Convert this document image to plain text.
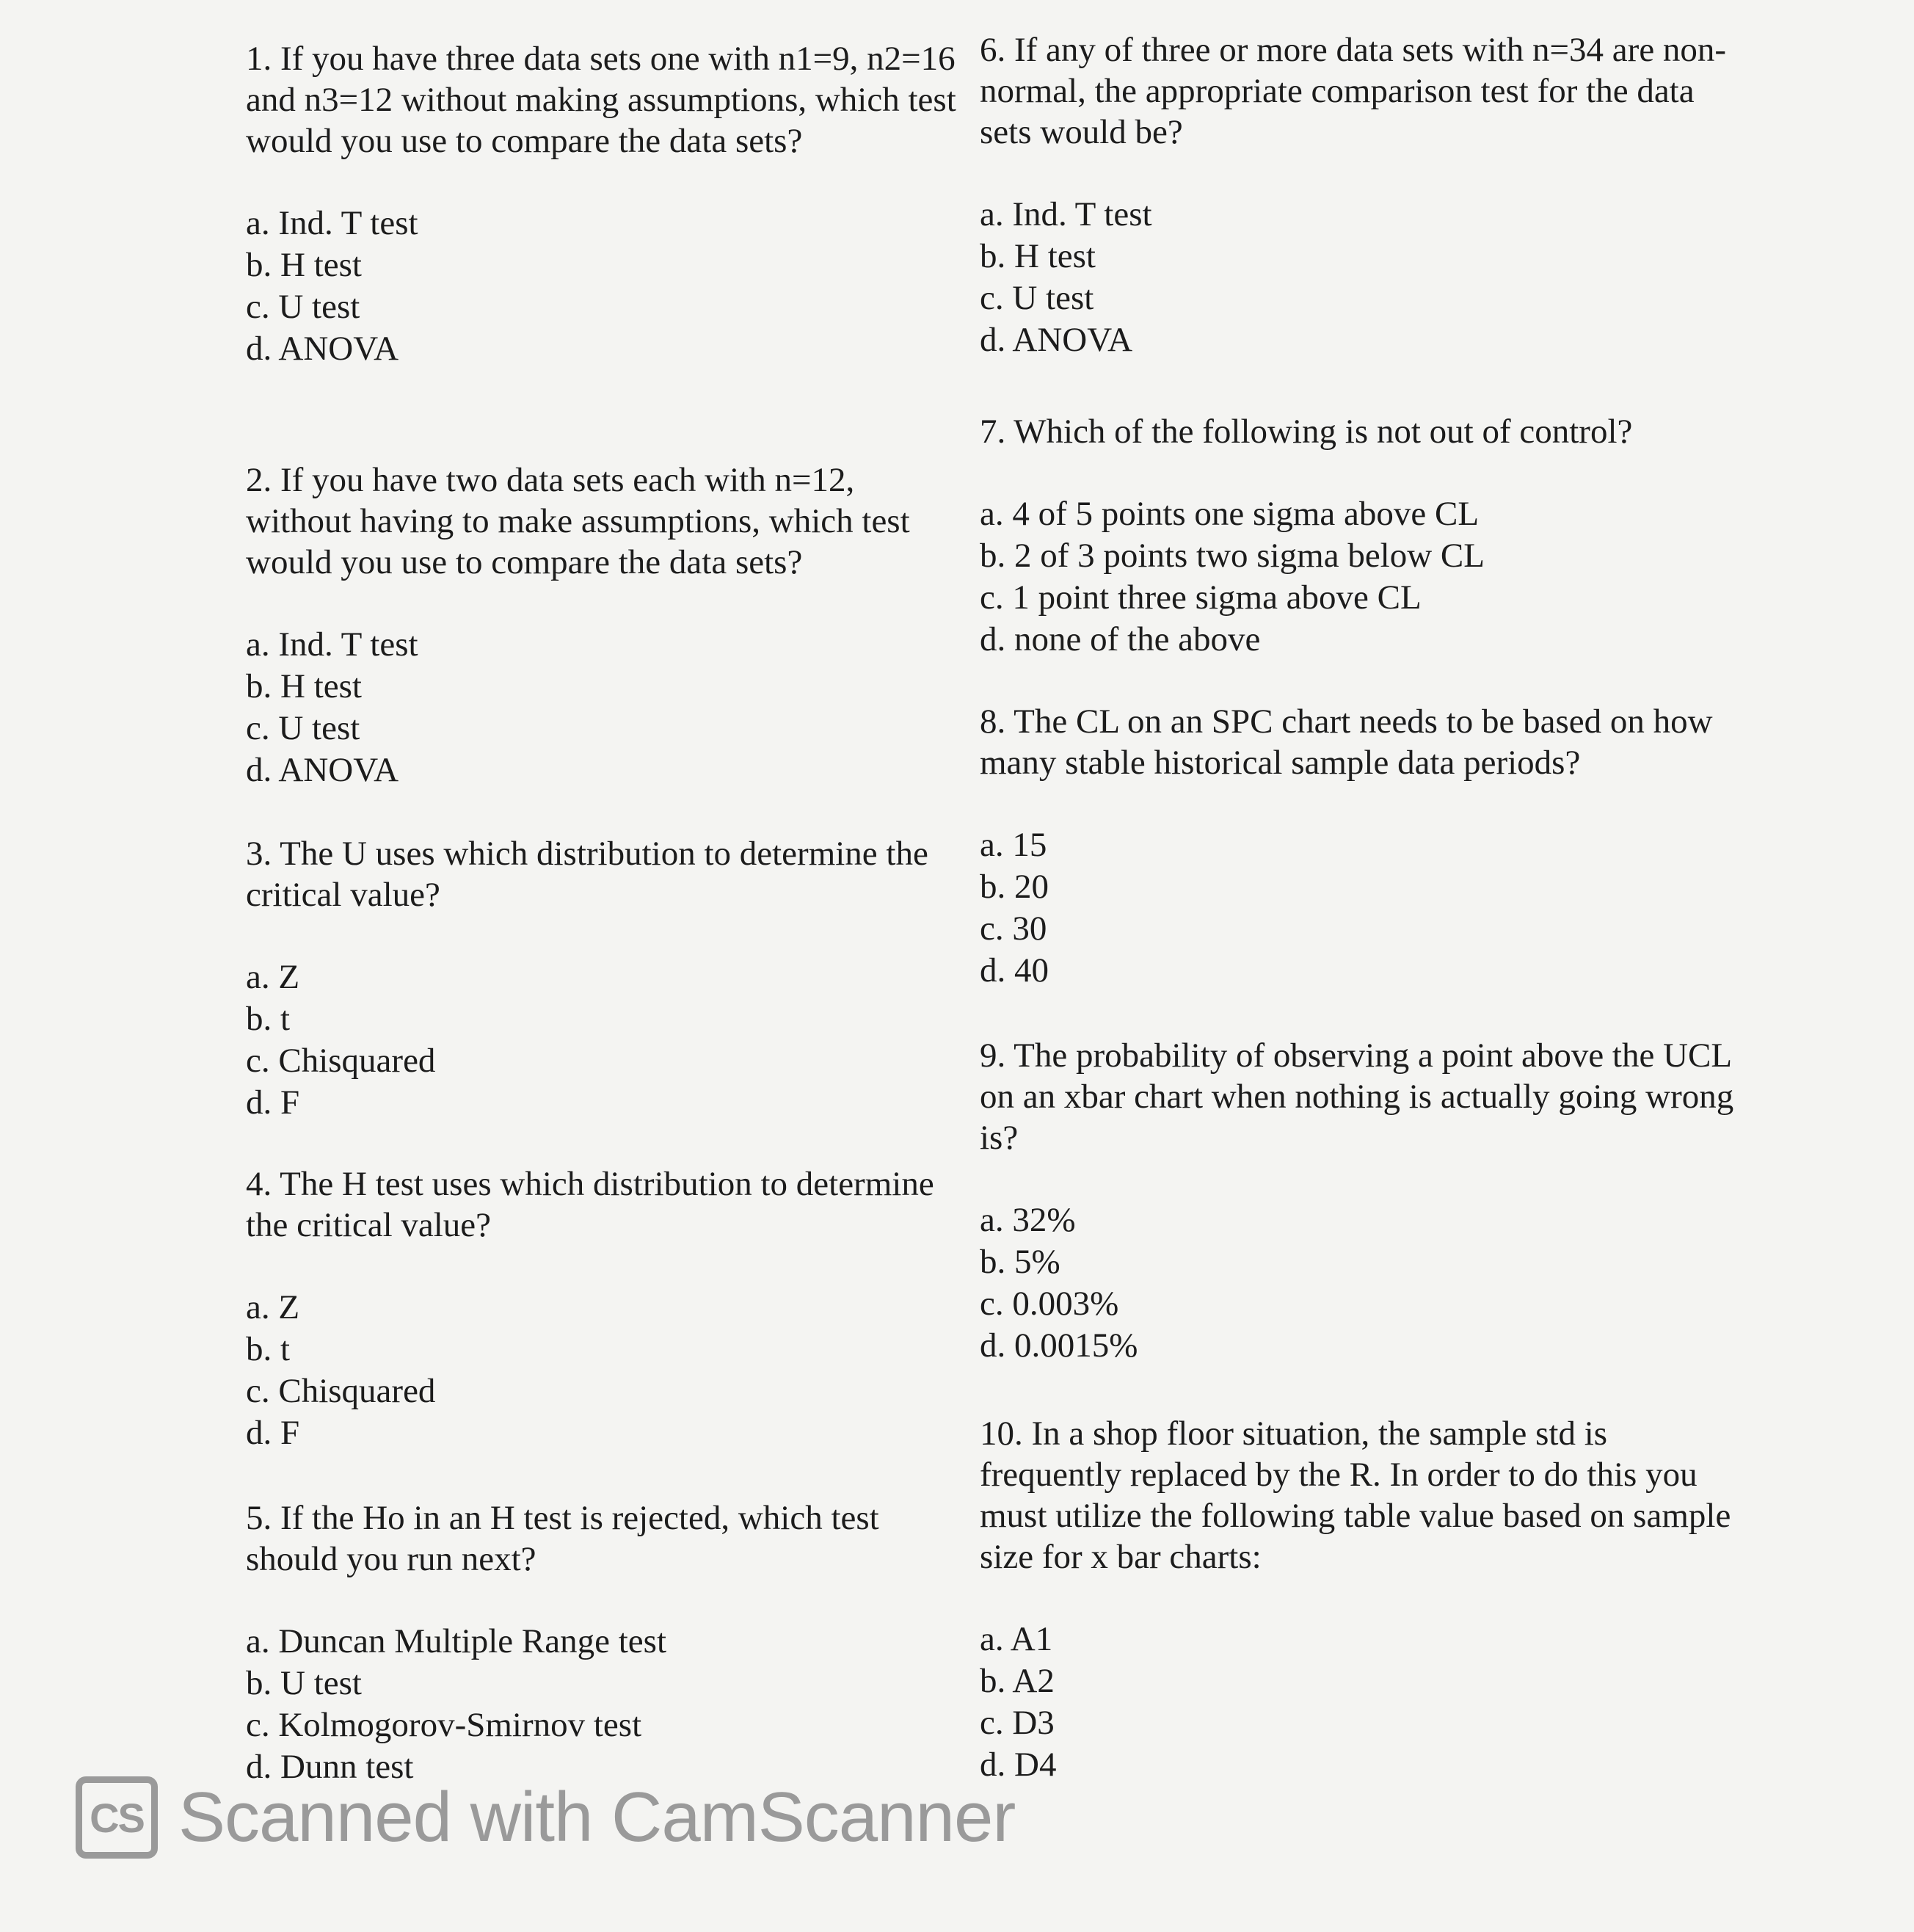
1. If you have three data sets one with n1=9, n2=16 and n3=12 without making assumptions, which test would you use to compare the data sets?

a. Ind. T test
b. H test
c. U test
d. ANOVA

2. If you have two data sets each with n=12, without having to make assumptions, which test would you use to compare the data sets?

a. Ind. T test
b. H test
c. U test
d. ANOVA

3. The U uses which distribution to determine the critical value?

a. Z
b. t
c. Chisquared
d. F

4. The H test uses which distribution to determine the critical value?

a. Z
b. t
c. Chisquared
d. F

5. If the Ho in an H test is rejected, which test should you run next?

a. Duncan Multiple Range test
b. U test
c. Kolmogorov-Smirnov test
d. Dunn test

6. If any of three or more data sets with n=34 are non-normal, the appropriate comparison test for the data sets would be?

a. Ind. T test
b. H test
c. U test
d. ANOVA

7. Which of the following is not out of control?

a. 4 of 5 points one sigma above CL
b. 2 of 3 points two sigma below CL
c. 1 point three sigma above CL
d. none of the above

8. The CL on an SPC chart needs to be based on how many stable historical sample data periods?

a. 15
b. 20
c. 30
d. 40

9. The probability of observing a point above the UCL on an xbar chart when nothing is actually going wrong is?

a. 32%
b. 5%
c. 0.003%
d. 0.0015%

10. In a shop floor situation, the sample std is frequently replaced by the R. In order to do this you must utilize the following table value based on sample size for x bar charts:

a. A1
b. A2
c. D3
d. D4
CS Scanned with CamScanner
